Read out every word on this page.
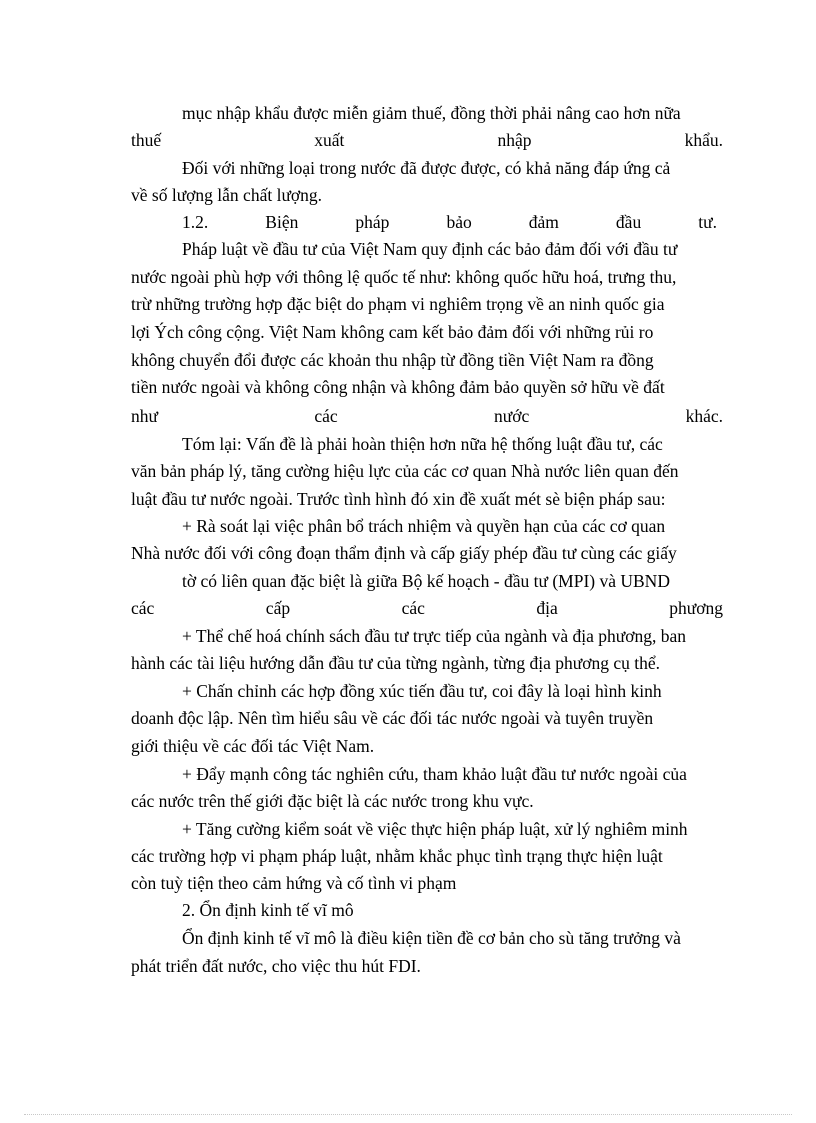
mục nhập khẩu được miễn giảm thuế, đồng thời phải nâng cao hơn nữa

thuế	xuất	nhập	khẩu.

Đối với những loại trong nước đã được được, có khả năng đáp ứng cả

về số lượng lẫn chất lượng.

1.2.	Biện	pháp	bảo	đảm	đầu	tư.

Pháp luật về đầu tư của Việt Nam quy định các bảo đảm đối với đầu tư

nước ngoài phù hợp với thông lệ quốc tế như: không quốc hữu hoá, trưng thu,

trừ những trường hợp đặc biệt do phạm vi nghiêm trọng về an ninh quốc gia

lợi Ých công cộng. Việt Nam không cam kết bảo đảm đối với những rủi ro

không chuyển đổi được các khoản thu nhập từ đồng tiền Việt Nam ra đồng

tiền nước ngoài và không công nhận và không đảm bảo quyền sở hữu về đất

như	các	nước	khác.

Tóm lại: Vấn đề là phải hoàn thiện hơn nữa hệ thống luật đầu tư, các

văn bản pháp lý, tăng cường hiệu lực của các cơ quan Nhà nước liên quan đến

luật đầu tư nước ngoài. Trước tình hình đó xin đề xuất mét sè biện pháp sau:

+ Rà soát lại việc phân bổ trách nhiệm và quyền hạn của các cơ quan

Nhà nước đối với công đoạn thẩm định và cấp giấy phép đầu tư cùng các giấy

tờ có liên quan đặc biệt là giữa Bộ kế hoạch - đầu tư (MPI) và UBND

các	cấp	các	địa	phương

+ Thể chế hoá chính sách đầu tư trực tiếp của ngành và địa phương, ban

hành các tài liệu hướng dẫn đầu tư của từng ngành, từng địa phương cụ thể.

+ Chấn chỉnh các hợp đồng xúc tiến đầu tư, coi đây là loại hình kinh

doanh độc lập. Nên tìm hiểu sâu về các đối tác nước ngoài và tuyên truyền

giới thiệu về các đối tác Việt Nam.

+ Đẩy mạnh công tác nghiên cứu, tham khảo luật đầu tư nước ngoài của

các nước trên thế giới đặc biệt là các nước trong khu vực.

+ Tăng cường kiểm soát về việc thực hiện pháp luật, xử lý nghiêm minh

các trường hợp vi phạm pháp luật, nhằm khắc phục tình trạng thực hiện luật

còn tuỳ tiện theo cảm hứng và cố tình vi phạm

2. Ổn định kinh tế vĩ mô

Ổn định kinh tế vĩ mô là điều kiện tiền đề cơ bản cho sù tăng trưởng và

phát triển đất nước, cho việc thu hút FDI.
